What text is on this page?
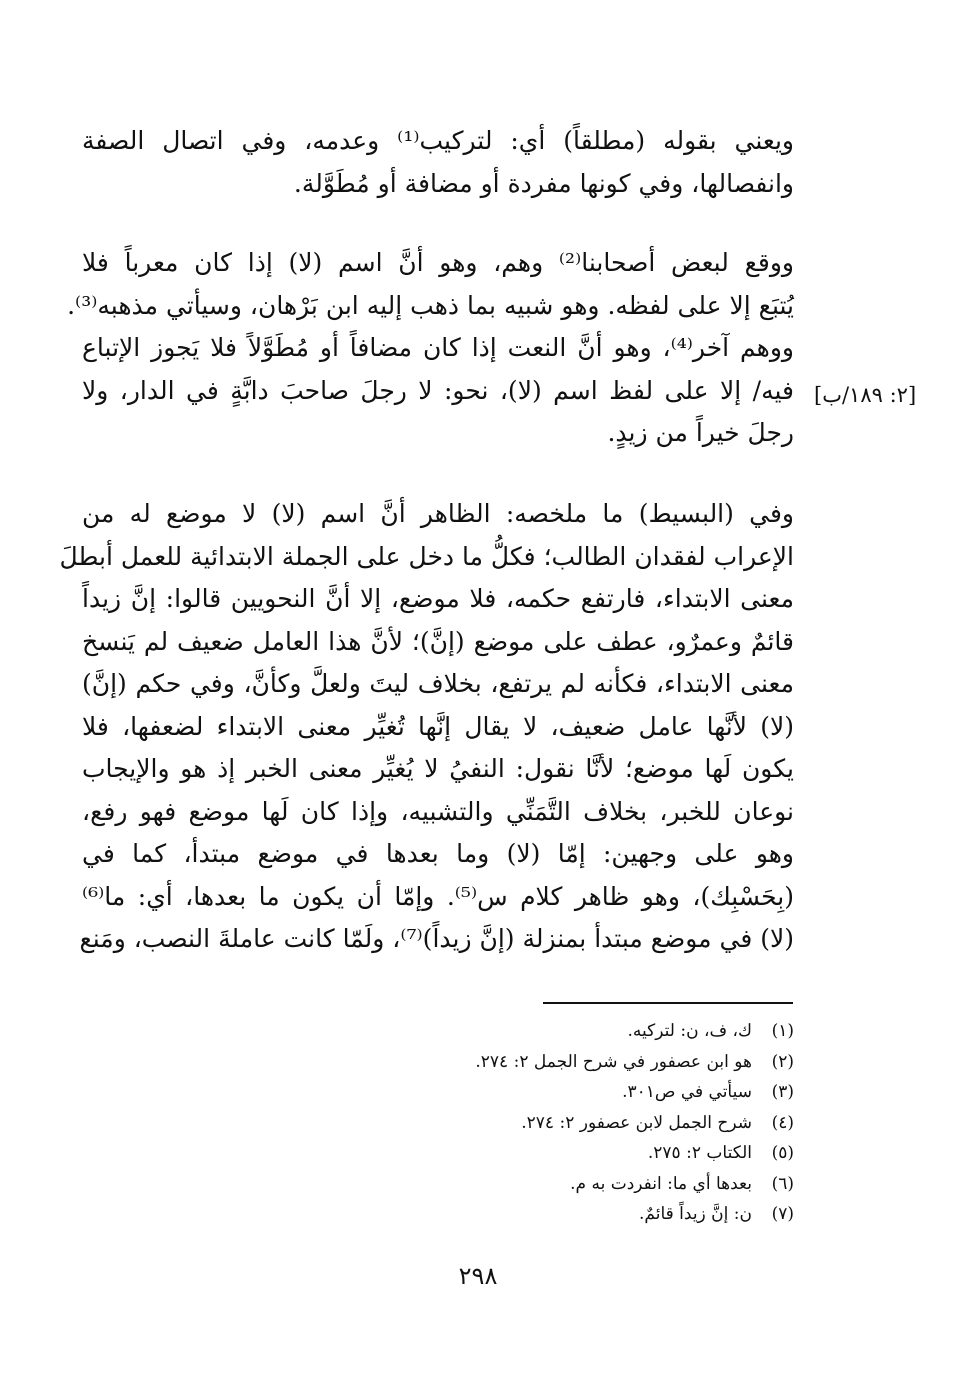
ويعني بقوله (مطلقاً) أي: لتركيب⁽¹⁾ وعدمه، وفي اتصال الصفة
وانفصالها، وفي كونها مفردة أو مضافة أو مُطَوَّلة.
ووقع لبعض أصحابنا⁽²⁾ وهم، وهو أنَّ اسم (لا) إذا كان معرباً فلا
يُتبَع إلا على لفظه. وهو شبيه بما ذهب إليه ابن بَرْهان، وسيأتي مذهبه⁽³⁾.
ووهم آخر⁽⁴⁾، وهو أنَّ النعت إذا كان مضافاً أو مُطَوَّلاً فلا يَجوز الإتباع
فيه/ إلا على لفظ اسم (لا)، نحو: لا رجلَ صاحبَ دابَّةٍ في الدار، ولا
رجلَ خيراً من زيدٍ.
[٢: ١٨٩/ب]
وفي (البسيط) ما ملخصه: الظاهر أنَّ اسم (لا) لا موضع له من
الإعراب لفقدان الطالب؛ فكلُّ ما دخل على الجملة الابتدائية للعمل أبطلَ
معنى الابتداء، فارتفع حكمه، فلا موضع، إلا أنَّ النحويين قالوا: إنَّ زيداً
قائمٌ وعمرٌو، عطف على موضع (إنَّ)؛ لأنَّ هذا العامل ضعيف لم يَنسخ
معنى الابتداء، فكأنه لم يرتفع، بخلاف ليتَ ولعلَّ وكأنَّ، وفي حكم (إنَّ)
(لا) لأنَّها عامل ضعيف، لا يقال إنَّها تُغيِّر معنى الابتداء لضعفها، فلا
يكون لَها موضع؛ لأنَّا نقول: النفيُ لا يُغيِّر معنى الخبر إذ هو والإيجاب
نوعان للخبر، بخلاف التَّمَنِّي والتشبيه، وإذا كان لَها موضع فهو رفع،
وهو على وجهين: إمّا (لا) وما بعدها في موضع مبتدأ، كما في
(بِحَسْبِك)، وهو ظاهر كلام س⁽⁵⁾. وإمّا أن يكون ما بعدها، أي: ما⁽⁶⁾
(لا) في موضع مبتدأ بمنزلة (إنَّ زيداً)⁽⁷⁾، ولَمّا كانت عاملةَ النصب، ومَنع
(١)
ك، ف، ن: لتركيه.
(٢)
هو ابن عصفور في شرح الجمل ٢: ٢٧٤.
(٣)
سيأتي في ص٣٠١.
(٤)
شرح الجمل لابن عصفور ٢: ٢٧٤.
(٥)
الكتاب ٢: ٢٧٥.
(٦)
بعدها أي ما: انفردت به م.
(٧)
ن: إنَّ زيداً قائمٌ.
٢٩٨
